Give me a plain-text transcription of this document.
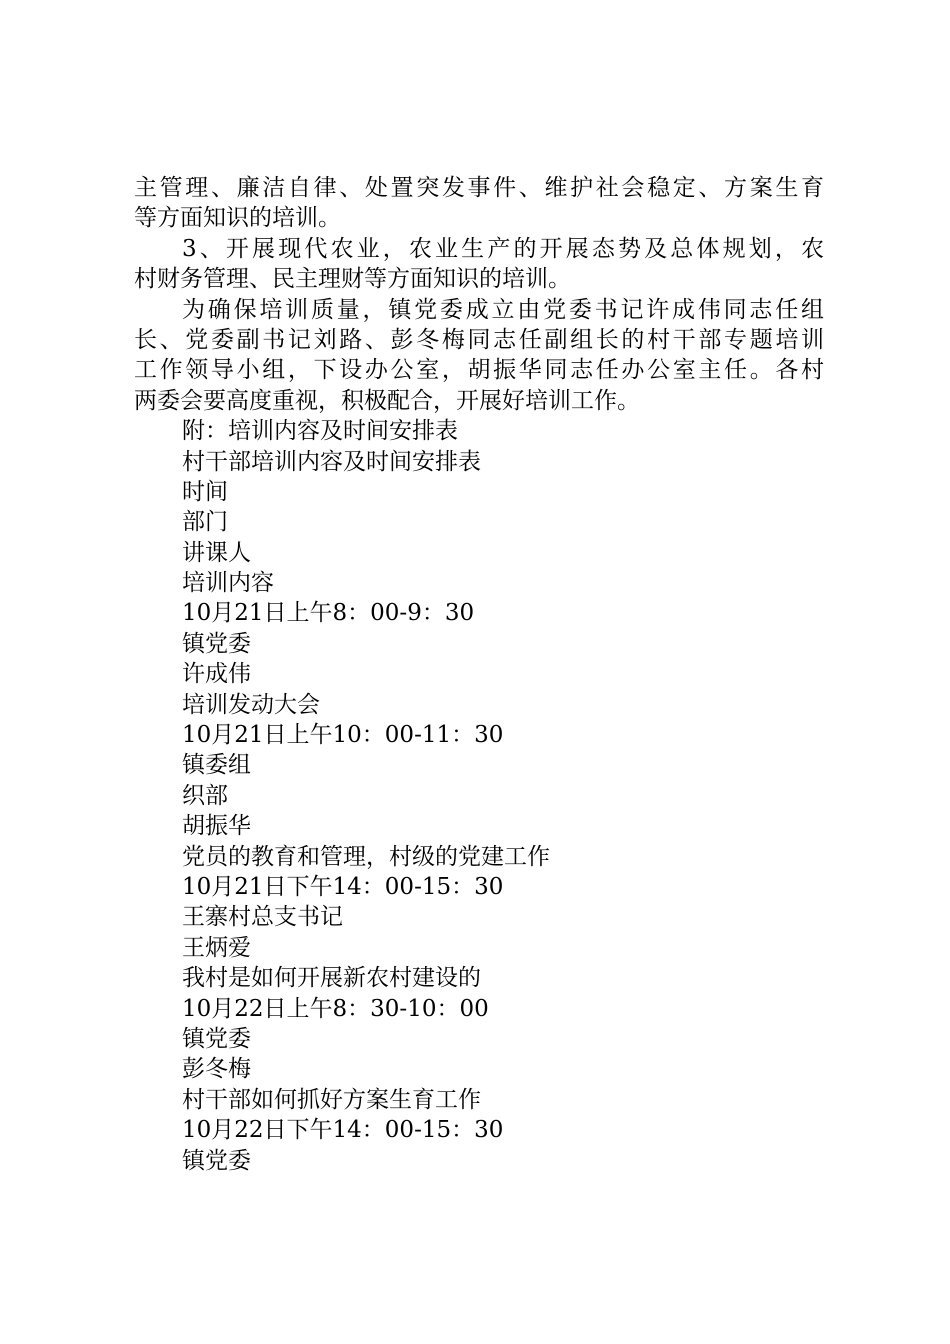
主管理、廉洁自律、处置突发事件、维护社会稳定、方案生育
等方面知识的培训。
3、开展现代农业，农业生产的开展态势及总体规划，农
村财务管理、民主理财等方面知识的培训。
为确保培训质量，镇党委成立由党委书记许成伟同志任组
长、党委副书记刘路、彭冬梅同志任副组长的村干部专题培训
工作领导小组，下设办公室，胡振华同志任办公室主任。各村
两委会要高度重视，积极配合，开展好培训工作。
附：培训内容及时间安排表
村干部培训内容及时间安排表
时间
部门
讲课人
培训内容
10月21日上午8：00-9：30
镇党委
许成伟
培训发动大会
10月21日上午10：00-11：30
镇委组
织部
胡振华
党员的教育和管理，村级的党建工作
10月21日下午14：00-15：30
王寨村总支书记
王炳爱
我村是如何开展新农村建设的
10月22日上午8：30-10：00
镇党委
彭冬梅
村干部如何抓好方案生育工作
10月22日下午14：00-15：30
镇党委
